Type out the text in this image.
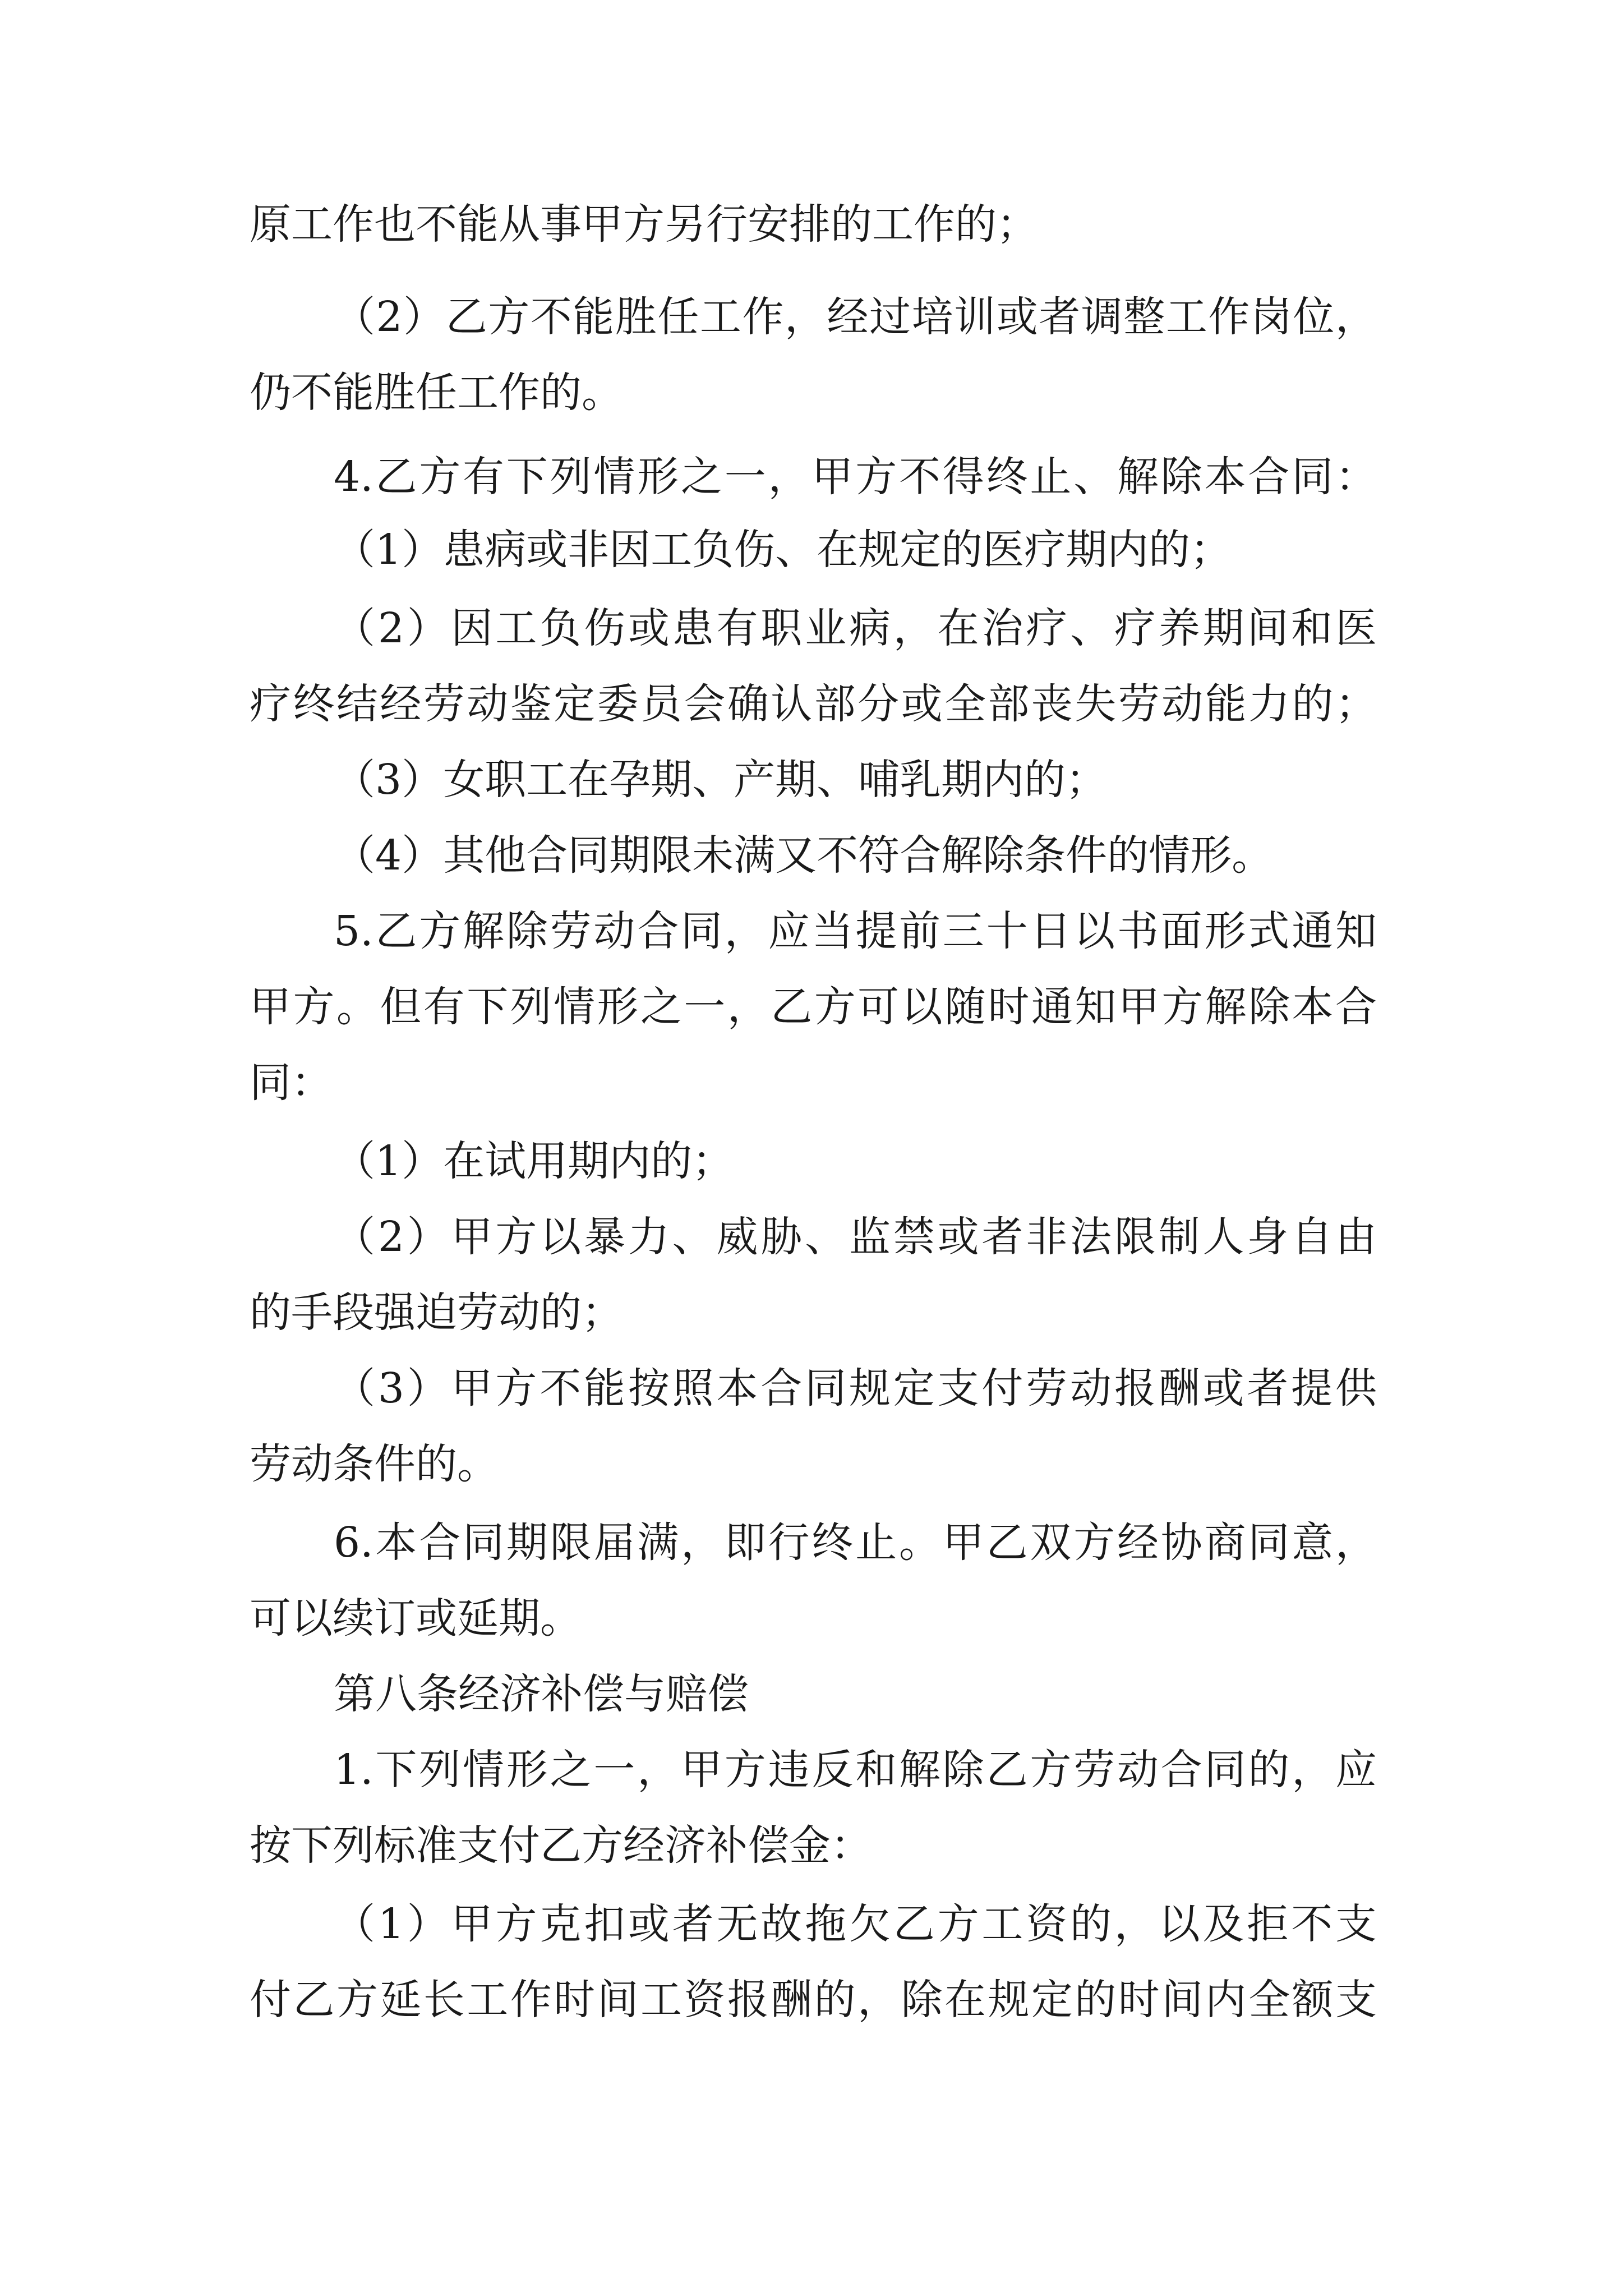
原工作也不能从事甲方另行安排的工作的；
（2）乙方不能胜任工作，经过培训或者调整工作岗位，
仍不能胜任工作的。
4.乙方有下列情形之一，甲方不得终止、解除本合同：
（1）患病或非因工负伤、在规定的医疗期内的；
（2）因工负伤或患有职业病，在治疗、疗养期间和医
疗终结经劳动鉴定委员会确认部分或全部丧失劳动能力的；
（3）女职工在孕期、产期、哺乳期内的；
（4）其他合同期限未满又不符合解除条件的情形。
5.乙方解除劳动合同，应当提前三十日以书面形式通知
甲方。但有下列情形之一，乙方可以随时通知甲方解除本合
同：
（1）在试用期内的；
（2）甲方以暴力、威胁、监禁或者非法限制人身自由
的手段强迫劳动的；
（3）甲方不能按照本合同规定支付劳动报酬或者提供
劳动条件的。
6.本合同期限届满，即行终止。甲乙双方经协商同意，
可以续订或延期。
第八条经济补偿与赔偿
1.下列情形之一，甲方违反和解除乙方劳动合同的，应
按下列标准支付乙方经济补偿金：
（1）甲方克扣或者无故拖欠乙方工资的，以及拒不支
付乙方延长工作时间工资报酬的，除在规定的时间内全额支
